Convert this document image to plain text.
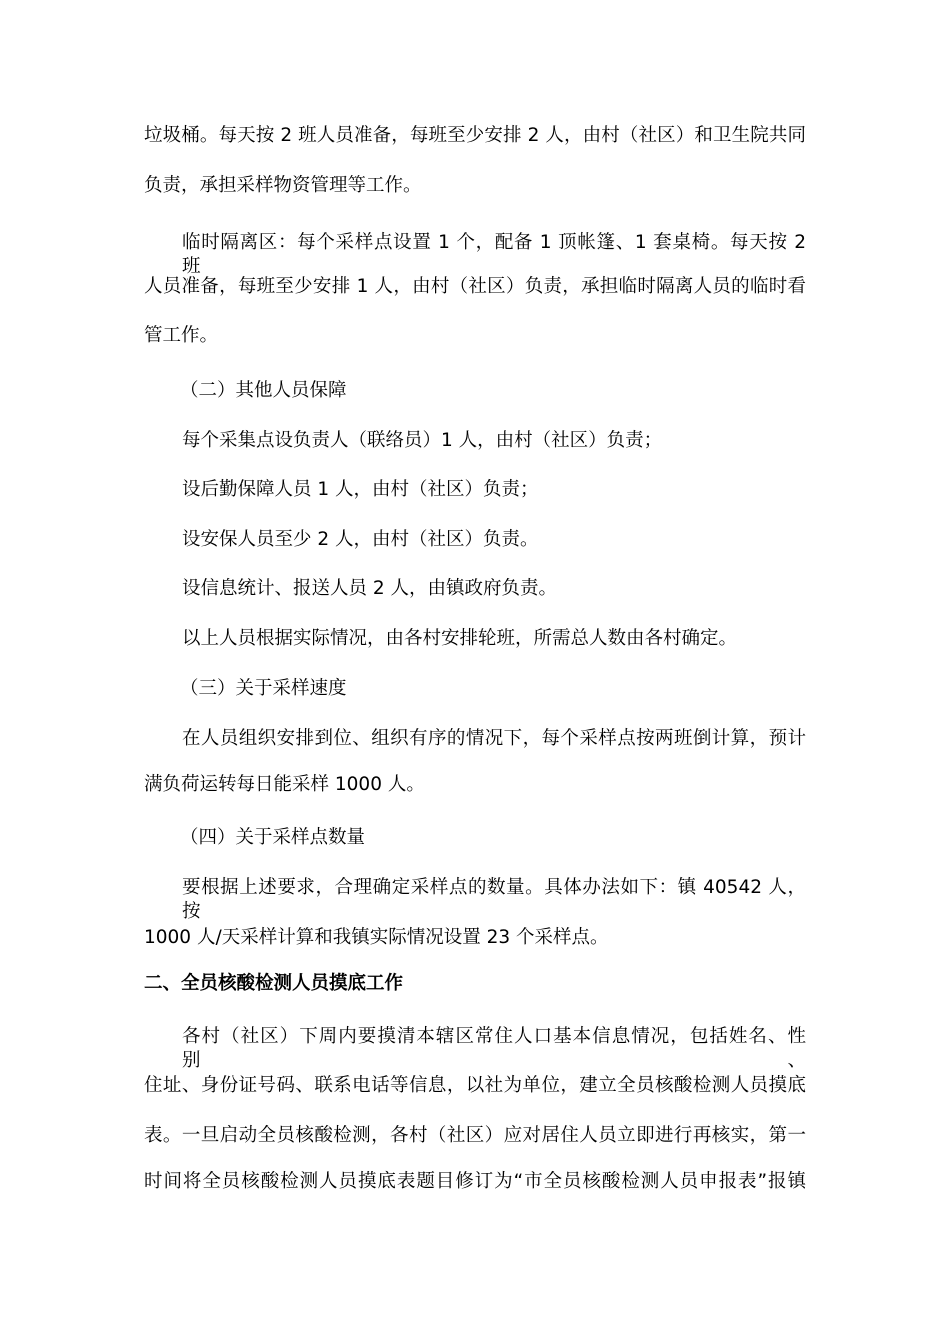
垃圾桶。每天按 2 班人员准备，每班至少安排 2 人，由村（社区）和卫生院共同
负责，承担采样物资管理等工作。
临时隔离区：每个采样点设置 1 个，配备 1 顶帐篷、1 套桌椅。每天按 2 班
人员准备，每班至少安排 1 人，由村（社区）负责，承担临时隔离人员的临时看
管工作。
（二）其他人员保障
每个采集点设负责人（联络员）1 人，由村（社区）负责；
设后勤保障人员 1 人，由村（社区）负责；
设安保人员至少 2 人，由村（社区）负责。
设信息统计、报送人员 2 人，由镇政府负责。
以上人员根据实际情况，由各村安排轮班，所需总人数由各村确定。
（三）关于采样速度
在人员组织安排到位、组织有序的情况下，每个采样点按两班倒计算，预计
满负荷运转每日能采样 1000 人。
（四）关于采样点数量
要根据上述要求，合理确定采样点的数量。具体办法如下：镇 40542 人，按
1000 人/天采样计算和我镇实际情况设置 23 个采样点。
二、全员核酸检测人员摸底工作
各村（社区）下周内要摸清本辖区常住人口基本信息情况，包括姓名、性别、
住址、身份证号码、联系电话等信息，以社为单位，建立全员核酸检测人员摸底
表。一旦启动全员核酸检测，各村（社区）应对居住人员立即进行再核实，第一
时间将全员核酸检测人员摸底表题目修订为“市全员核酸检测人员申报表”报镇
